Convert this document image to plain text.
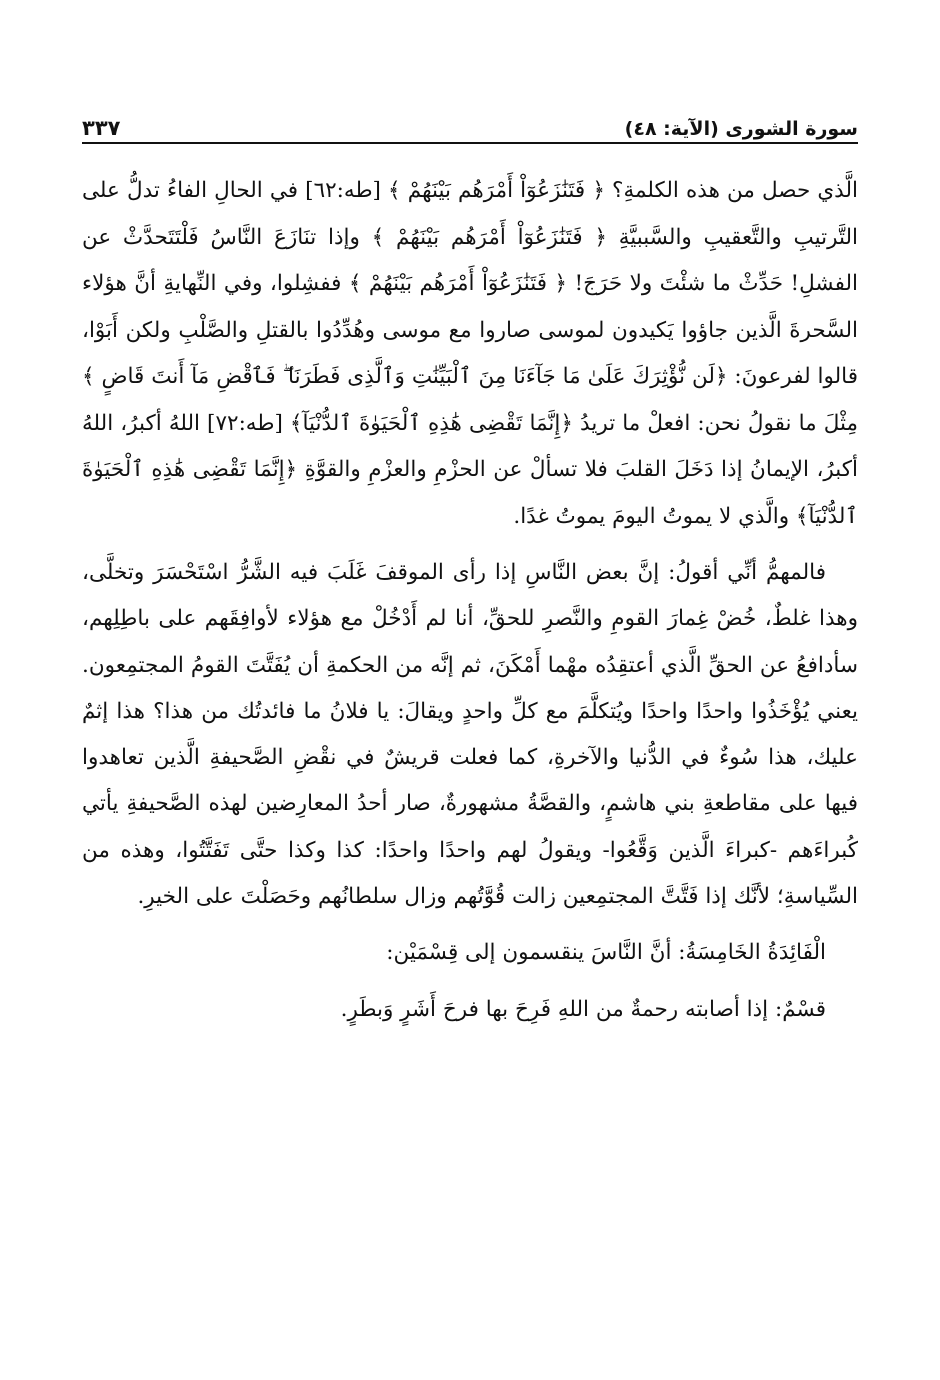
سورة الشورى (الآية: ٤٨)
٣٣٧

الَّذي حصل من هذه الكلمةِ؟ ﴿ فَتَنَٰزَعُوٓاْ أَمْرَهُم بَيْنَهُمْ ﴾ [طه:٦٢] في الحالِ الفاءُ تدلُّ على التَّرتيبِ والتَّعقيبِ والسَّببيَّةِ ﴿ فَتَنَٰزَعُوٓاْ أَمْرَهُم بَيْنَهُمْ ﴾ وإذا تنَازَعَ النَّاسُ فَلْتَتَحدَّثْ عن الفشلِ! حَدِّثْ ما شئْتَ ولا حَرَجَ! ﴿ فَتَنَٰزَعُوٓاْ أَمْرَهُم بَيْنَهُمْ ﴾ ففشِلوا، وفي النِّهايةِ أنَّ هؤلاء السَّحرةَ الَّذين جاؤوا يَكيدون لموسى صاروا مع موسى وهُدِّدُوا بالقتلِ والصَّلْبِ ولكن أَبَوْا، قالوا لفرعونَ: ﴿لَن نُّؤْثِرَكَ عَلَىٰ مَا جَآءَنَا مِنَ ٱلْبَيِّنَٰتِ وَٱلَّذِى فَطَرَنَا ۖ فَٱقْضِ مَآ أَنتَ قَاضٍ ﴾ مِثْلَ ما نقولُ نحن: افعلْ ما تريدُ ﴿إِنَّمَا تَقْضِى هَٰذِهِ ٱلْحَيَوٰةَ ٱلدُّنْيَآ﴾ [طه:٧٢] اللهُ أكبرُ، اللهُ أكبرُ، الإيمانُ إذا دَخَلَ القلبَ فلا تسألْ عن الحزْمِ والعزْمِ والقوَّةِ ﴿إِنَّمَا تَقْضِى هَٰذِهِ ٱلْحَيَوٰةَ ٱلدُّنْيَآ﴾ والَّذي لا يموتُ اليومَ يموتُ غدًا.

فالمهمُّ أنِّي أقولُ: إنَّ بعض النَّاسِ إذا رأى الموقفَ غَلَبَ فيه الشَّرُّ اسْتَحْسَرَ وتخلَّى، وهذا غلطٌ، خُضْ غِمارَ القومِ والنَّصرِ للحقِّ، أنا لم أَدْخُلْ مع هؤلاء لأوافِقَهم على باطِلِهم، سأدافعُ عن الحقِّ الَّذي أعتقِدُه مهْما أَمْكَنَ، ثم إنَّه من الحكمةِ أن يُفَتَّتَ القومُ المجتمِعون. يعني يُؤْخَذُوا واحدًا واحدًا ويُتكلَّمَ مع كلِّ واحدٍ ويقالَ: يا فلانُ ما فائدتُك من هذا؟ هذا إثمٌ عليك، هذا سُوءٌ في الدُّنيا والآخرةِ، كما فعلت قريشٌ في نقْضِ الصَّحيفةِ الَّذين تعاهدوا فيها على مقاطعةِ بني هاشمٍ، والقصَّةُ مشهورةٌ، صار أحدُ المعارِضين لهذه الصَّحيفةِ يأتي كُبراءَهم -كبراءَ الَّذين وَقَّعُوا- ويقولُ لهم واحدًا واحدًا: كذا وكذا حتَّى تَفَتَّتُوا، وهذه من السِّياسةِ؛ لأنَّك إذا فَتَّتَّ المجتمِعين زالت قُوَّتُهم وزال سلطانُهم وحَصَلْتَ على الخيرِ.

الْفَائِدَةُ الخَامِسَةُ: أنَّ النَّاسَ ينقسمون إلى قِسْمَيْن:

قسْمٌ: إذا أصابته رحمةٌ من اللهِ فَرِحَ بها فرحَ أَشَرٍ وَبطَرٍ.
